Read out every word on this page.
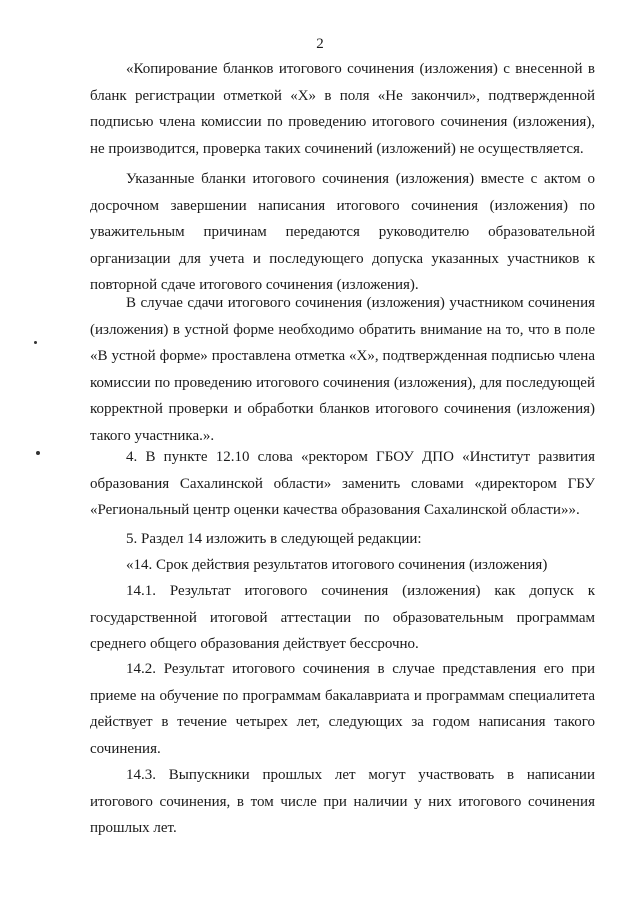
2

«Копирование бланков итогового сочинения (изложения) с внесенной в бланк регистрации отметкой «X» в поля «Не закончил», подтвержденной подписью члена комиссии по проведению итогового сочинения (изложения), не производится, проверка таких сочинений (изложений) не осуществляется.

Указанные бланки итогового сочинения (изложения) вместе с актом о досрочном завершении написания итогового сочинения (изложения) по уважительным причинам передаются руководителю образовательной организации для учета и последующего допуска указанных участников к повторной сдаче итогового сочинения (изложения).

В случае сдачи итогового сочинения (изложения) участником сочинения (изложения) в устной форме необходимо обратить внимание на то, что в поле «В устной форме» проставлена отметка «X», подтвержденная подписью члена комиссии по проведению итогового сочинения (изложения), для последующей корректной проверки и обработки бланков итогового сочинения (изложения) такого участника.».

4. В пункте 12.10 слова «ректором ГБОУ ДПО «Институт развития образования Сахалинской области» заменить словами «директором ГБУ «Региональный центр оценки качества образования Сахалинской области»».

5. Раздел 14 изложить в следующей редакции:

«14. Срок действия результатов итогового сочинения (изложения)

14.1. Результат итогового сочинения (изложения) как допуск к государственной итоговой аттестации по образовательным программам среднего общего образования действует бессрочно.

14.2. Результат итогового сочинения в случае представления его при приеме на обучение по программам бакалавриата и программам специалитета действует в течение четырех лет, следующих за годом написания такого сочинения.

14.3. Выпускники прошлых лет могут участвовать в написании итогового сочинения, в том числе при наличии у них итогового сочинения прошлых лет.
